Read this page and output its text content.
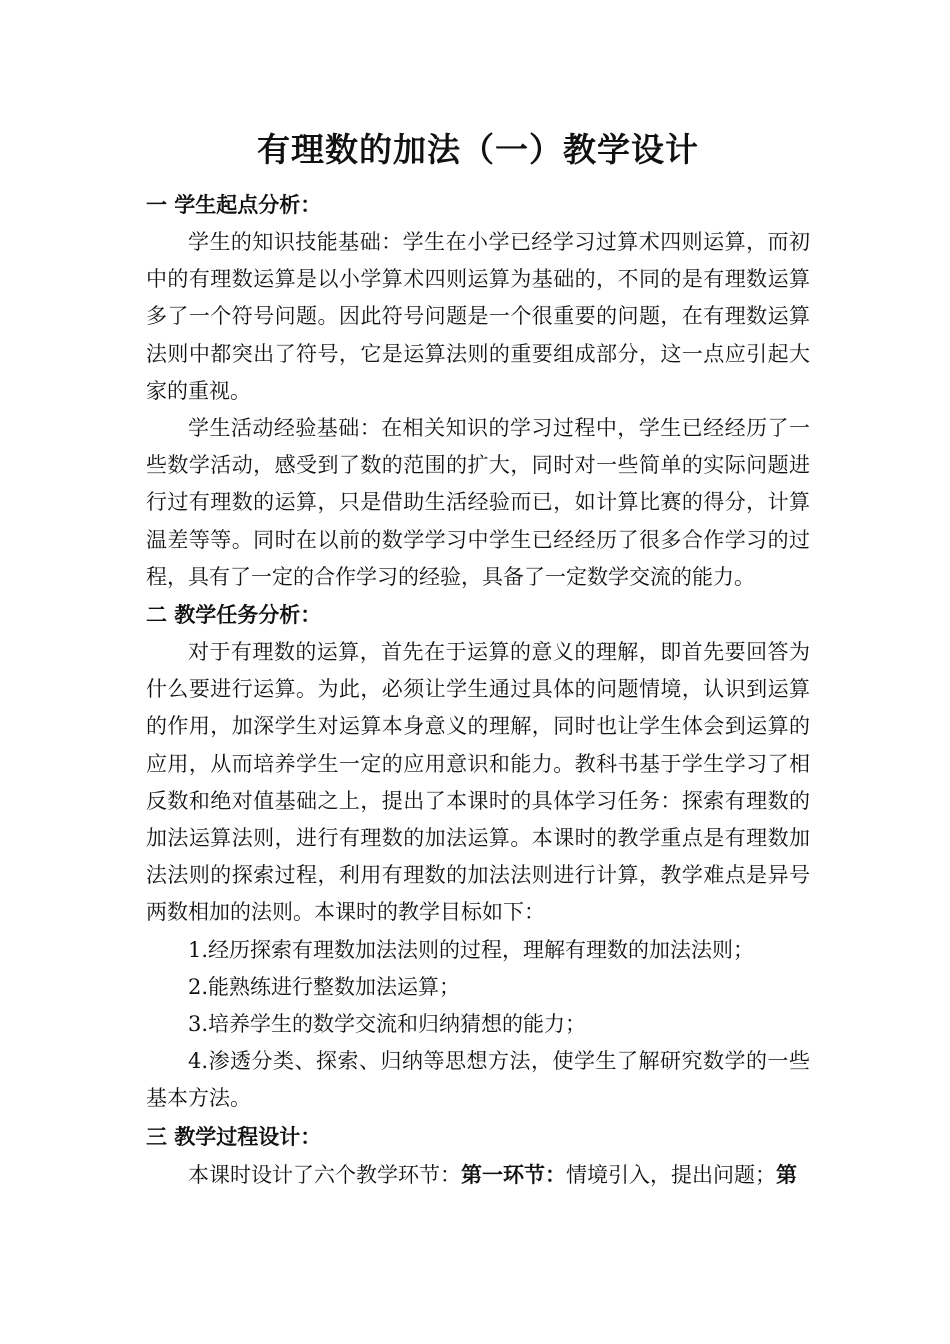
有理数的加法（一）教学设计

一 学生起点分析：

学生的知识技能基础：学生在小学已经学习过算术四则运算，而初中的有理数运算是以小学算术四则运算为基础的，不同的是有理数运算多了一个符号问题。因此符号问题是一个很重要的问题，在有理数运算法则中都突出了符号，它是运算法则的重要组成部分，这一点应引起大家的重视。

学生活动经验基础：在相关知识的学习过程中，学生已经经历了一些数学活动，感受到了数的范围的扩大，同时对一些简单的实际问题进行过有理数的运算，只是借助生活经验而已，如计算比赛的得分，计算温差等等。同时在以前的数学学习中学生已经经历了很多合作学习的过程，具有了一定的合作学习的经验，具备了一定数学交流的能力。

二 教学任务分析：

对于有理数的运算，首先在于运算的意义的理解，即首先要回答为什么要进行运算。为此，必须让学生通过具体的问题情境，认识到运算的作用，加深学生对运算本身意义的理解，同时也让学生体会到运算的应用，从而培养学生一定的应用意识和能力。教科书基于学生学习了相反数和绝对值基础之上，提出了本课时的具体学习任务：探索有理数的加法运算法则，进行有理数的加法运算。本课时的教学重点是有理数加法法则的探索过程，利用有理数的加法法则进行计算，教学难点是异号两数相加的法则。本课时的教学目标如下：

1.经历探索有理数加法法则的过程，理解有理数的加法法则；

2.能熟练进行整数加法运算；

3.培养学生的数学交流和归纳猜想的能力；

4.渗透分类、探索、归纳等思想方法，使学生了解研究数学的一些基本方法。

三 教学过程设计：

本课时设计了六个教学环节：第一环节：情境引入，提出问题；第
